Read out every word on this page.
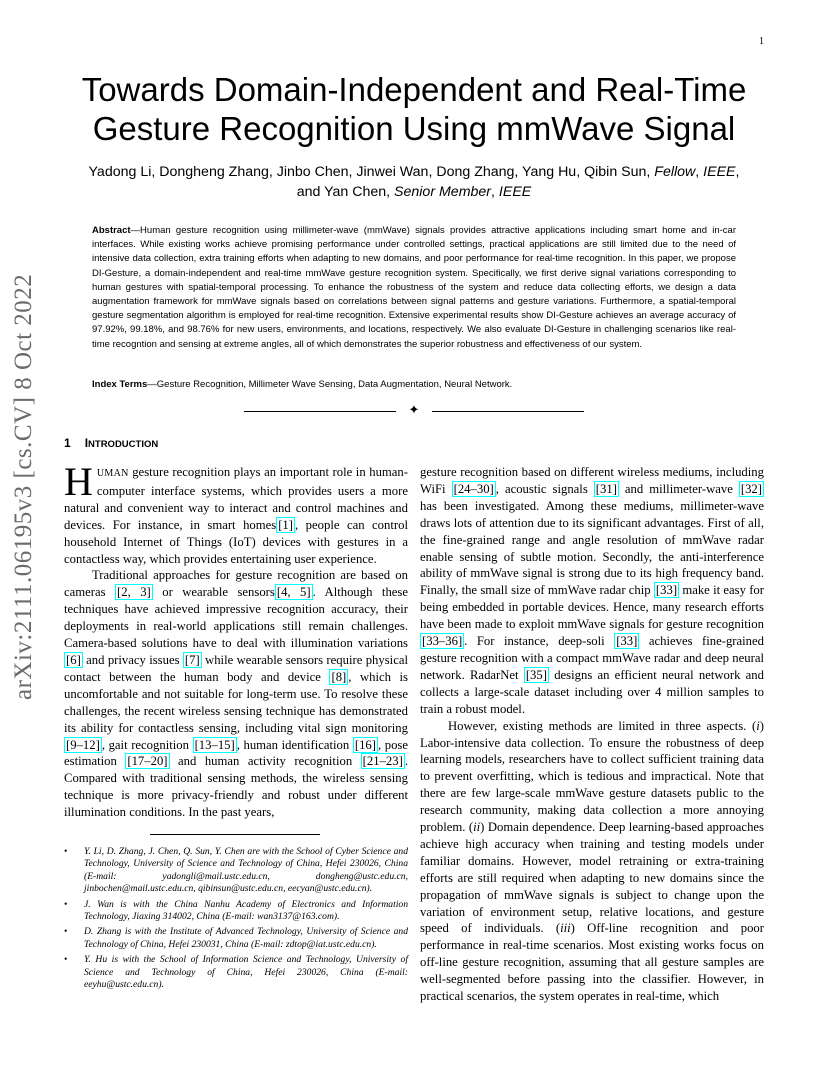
1
arXiv:2111.06195v3 [cs.CV] 8 Oct 2022
Towards Domain-Independent and Real-Time
Gesture Recognition Using mmWave Signal
Yadong Li, Dongheng Zhang, Jinbo Chen, Jinwei Wan, Dong Zhang, Yang Hu, Qibin Sun, Fellow, IEEE,
and Yan Chen, Senior Member, IEEE
Abstract—Human gesture recognition using millimeter-wave (mmWave) signals provides attractive applications including smart home and in-car interfaces. While existing works achieve promising performance under controlled settings, practical applications are still limited due to the need of intensive data collection, extra training efforts when adapting to new domains, and poor performance for real-time recognition. In this paper, we propose DI-Gesture, a domain-independent and real-time mmWave gesture recognition system. Specifically, we first derive signal variations corresponding to human gestures with spatial-temporal processing. To enhance the robustness of the system and reduce data collecting efforts, we design a data augmentation framework for mmWave signals based on correlations between signal patterns and gesture variations. Furthermore, a spatial-temporal gesture segmentation algorithm is employed for real-time recognition. Extensive experimental results show DI-Gesture achieves an average accuracy of 97.92%, 99.18%, and 98.76% for new users, environments, and locations, respectively. We also evaluate DI-Gesture in challenging scenarios like real-time recogntion and sensing at extreme angles, all of which demonstrates the superior robustness and effectiveness of our system.
Index Terms—Gesture Recognition, Millimeter Wave Sensing, Data Augmentation, Neural Network.
✦
1 INTRODUCTION

HUMAN gesture recognition plays an important role in human-computer interface systems, which provides users a more natural and convenient way to interact and control machines and devices. For instance, in smart homes [1] , people can control household Internet of Things (IoT) devices with gestures in a contactless way, which provides entertaining user experience.

Traditional approaches for gesture recognition are based on cameras [2, 3] or wearable sensors [4, 5] . Although these techniques have achieved impressive recognition accuracy, their deployments in real-world applications still remain challenges. Camera-based solutions have to deal with illumination variations [6] and privacy issues [7] while wearable sensors require physical contact between the human body and device [8] , which is uncomfortable and not suitable for long-term use. To resolve these challenges, the recent wireless sensing technique has demonstrated its ability for contactless sensing, including vital sign monitoring [9–12] , gait recognition [13–15] , human identification [16] , pose estimation [17–20] and human activity recognition [21–23] . Compared with traditional sensing methods, the wireless sensing technique is more privacy-friendly and robust under different illumination conditions. In the past years,

• Y. Li, D. Zhang, J. Chen, Q. Sun, Y. Chen are with the School of Cyber Science and Technology, University of Science and Technology of China, Hefei 230026, China (E-mail: yadongli@mail.ustc.edu.cn, dongheng@ustc.edu.cn, jinbochen@mail.ustc.edu.cn, qibinsun@ustc.edu.cn, eecyan@ustc.edu.cn).
• J. Wan is with the China Nanhu Academy of Electronics and Information Technology, Jiaxing 314002, China (E-mail: wan3137@163.com).
• D. Zhang is with the Institute of Advanced Technology, University of Science and Technology of China, Hefei 230031, China (E-mail: zdtop@iat.ustc.edu.cn).
• Y. Hu is with the School of Information Science and Technology, University of Science and Technology of China, Hefei 230026, China (E-mail: eeyhu@ustc.edu.cn).

gesture recognition based on different wireless mediums, including WiFi [24–30] , acoustic signals [31] and millimeter-wave [32] has been investigated. Among these mediums, millimeter-wave draws lots of attention due to its significant advantages. First of all, the fine-grained range and angle resolution of mmWave radar enable sensing of subtle motion. Secondly, the anti-interference ability of mmWave signal is strong due to its high frequency band. Finally, the small size of mmWave radar chip [33] make it easy for being embedded in portable devices. Hence, many research efforts have been made to exploit mmWave signals for gesture recognition [33–36] . For instance, deep-soli [33] achieves fine-grained gesture recognition with a compact mmWave radar and deep neural network. RadarNet [35] designs an efficient neural network and collects a large-scale dataset including over 4 million samples to train a robust model.

However, existing methods are limited in three aspects. (i) Labor-intensive data collection. To ensure the robustness of deep learning models, researchers have to collect sufficient training data to prevent overfitting, which is tedious and impractical. Note that there are few large-scale mmWave gesture datasets public to the research community, making data collection a more annoying problem. (ii) Domain dependence. Deep learning-based approaches achieve high accuracy when training and testing models under familiar domains. However, model retraining or extra-training efforts are still required when adapting to new domains since the propagation of mmWave signals is subject to change upon the variation of environment setup, relative locations, and gesture speed of individuals. (iii) Off-line recognition and poor performance in real-time scenarios. Most existing works focus on off-line gesture recognition, assuming that all gesture samples are well-segmented before passing into the classifier. However, in practical scenarios, the system operates in real-time, which
